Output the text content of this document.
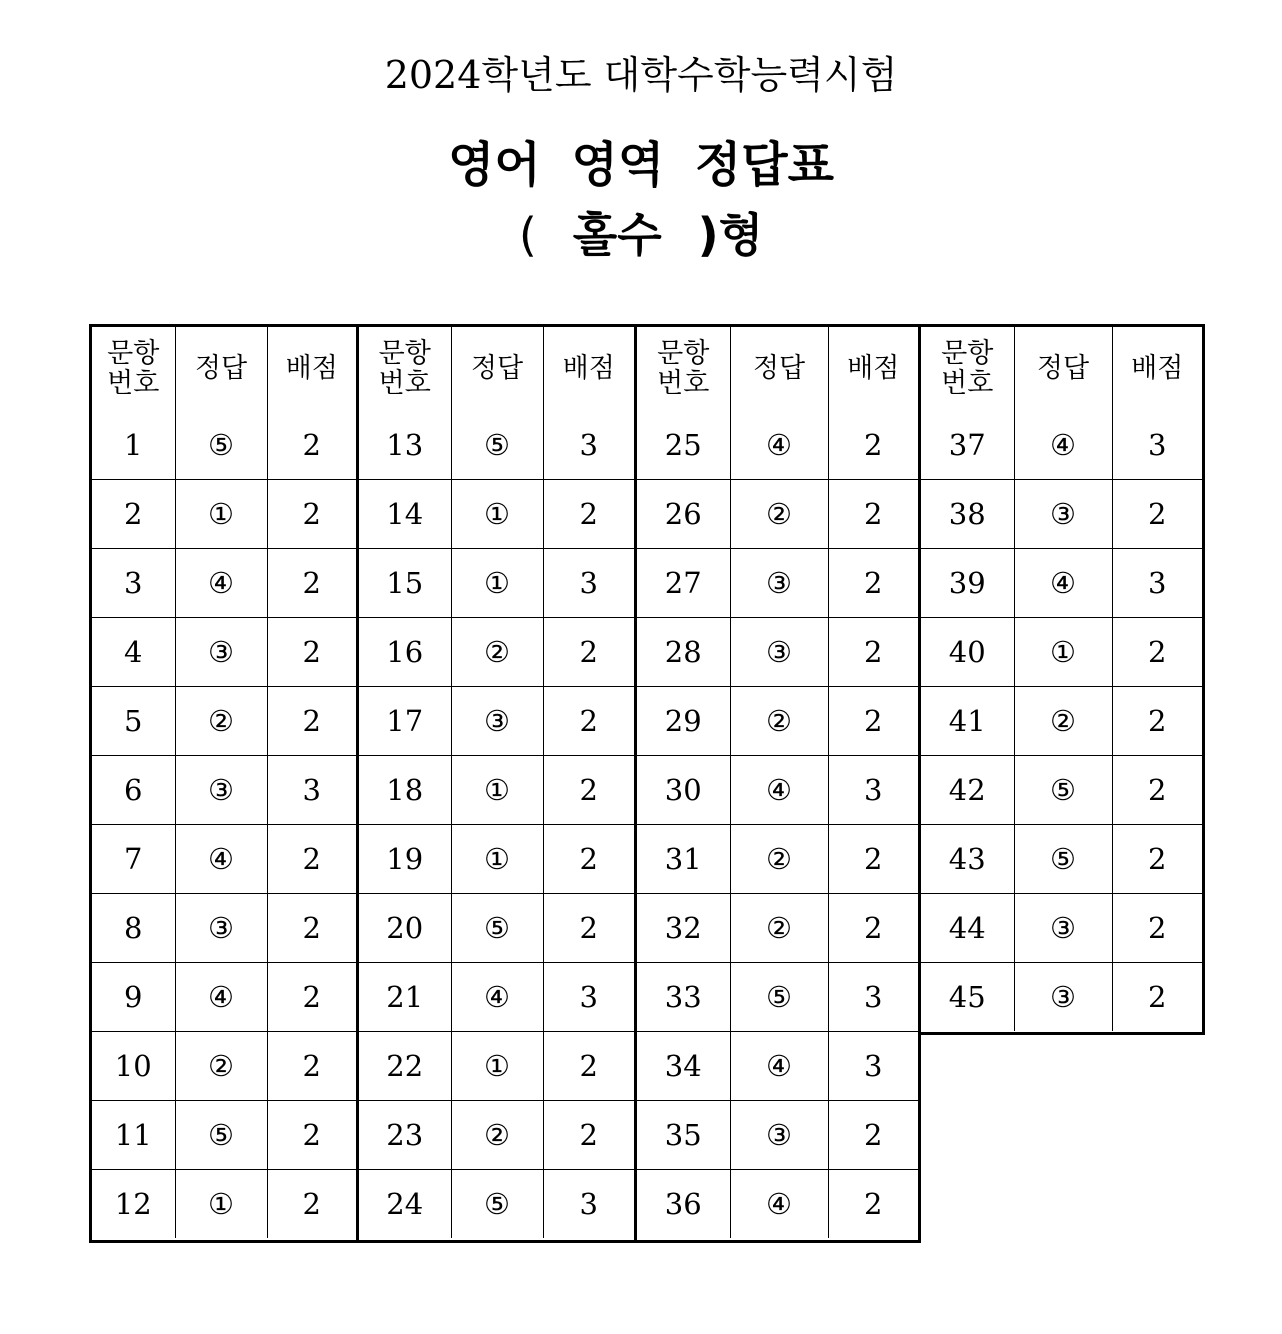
2024학년도 대학수학능력시험
영어 영역 정답표
( 홀수 )형
문항
번호	정답	배점
1	⑤	2
2	①	2
3	④	2
4	③	2
5	②	2
6	③	3
7	④	2
8	③	2
9	④	2
10	②	2
11	⑤	2
12	①	2
문항
번호	정답	배점
13	⑤	3
14	①	2
15	①	3
16	②	2
17	③	2
18	①	2
19	①	2
20	⑤	2
21	④	3
22	①	2
23	②	2
24	⑤	3
문항
번호	정답	배점
25	④	2
26	②	2
27	③	2
28	③	2
29	②	2
30	④	3
31	②	2
32	②	2
33	⑤	3
34	④	3
35	③	2
36	④	2
문항
번호	정답	배점
37	④	3
38	③	2
39	④	3
40	①	2
41	②	2
42	⑤	2
43	⑤	2
44	③	2
45	③	2
